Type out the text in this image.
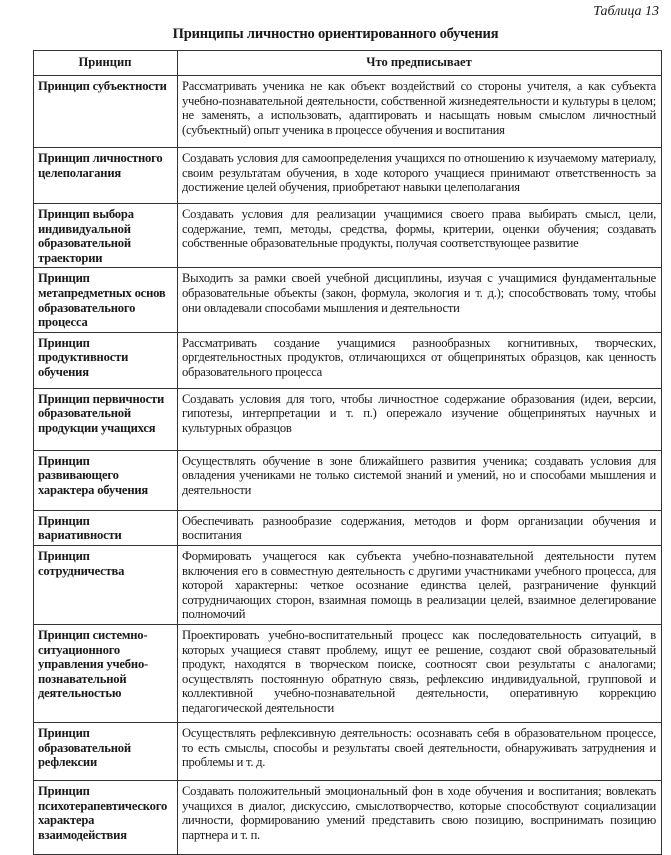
Таблица 13
Принципы личностно ориентированного обучения
Принцип	Что предписывает
Принцип субъектности	Рассматривать ученика не как объект воздействий со стороны учителя, а как субъекта учебно-познавательной деятельности, собственной жизнедеятельности и культуры в целом; не заменять, а использовать, адаптировать и насыщать новым смыслом личностный (субъектный) опыт ученика в процессе обучения и воспитания
Принцип личностного целеполагания	Создавать условия для самоопределения учащихся по отношению к изучаемому материалу, своим результатам обучения, в ходе которого учащиеся принимают ответственность за достижение целей обучения, приобретают навыки целеполагания
Принцип выбора индивидуальной образовательной траектории	Создавать условия для реализации учащимися своего права выбирать смысл, цели, содержание, темп, методы, средства, формы, критерии, оценки обучения; создавать собственные образовательные продукты, получая соответствующее развитие
Принцип метапредметных основ образовательного процесса	Выходить за рамки своей учебной дисциплины, изучая с учащимися фундаментальные образовательные объекты (закон, формула, экология и т. д.); способствовать тому, чтобы они овладевали способами мышления и деятельности
Принцип продуктивности обучения	Рассматривать создание учащимися разнообразных когнитивных, творческих, оргдеятельностных продуктов, отличающихся от общепринятых образцов, как ценность образовательного процесса
Принцип первичности образовательной продукции учащихся	Создавать условия для того, чтобы личностное содержание образования (идеи, версии, гипотезы, интерпретации и т. п.) опережало изучение общепринятых научных и культурных образцов
Принцип развивающего характера обучения	Осуществлять обучение в зоне ближайшего развития ученика; создавать условия для овладения учениками не только системой знаний и умений, но и способами мышления и деятельности
Принцип вариативности	Обеспечивать разнообразие содержания, методов и форм организации обучения и воспитания
Принцип сотрудничества	Формировать учащегося как субъекта учебно-познавательной деятельности путем включения его в совместную деятельность с другими участниками учебного процесса, для которой характерны: четкое осознание единства целей, разграничение функций сотрудничающих сторон, взаимная помощь в реализации целей, взаимное делегирование полномочий
Принцип системно-ситуационного управления учебно-познавательной деятельностью	Проектировать учебно-воспитательный процесс как последовательность ситуаций, в которых учащиеся ставят проблему, ищут ее решение, создают свой образовательный продукт, находятся в творческом поиске, соотносят свои результаты с аналогами; осуществлять постоянную обратную связь, рефлексию индивидуальной, групповой и коллективной учебно-познавательной деятельности, оперативную коррекцию педагогической деятельности
Принцип образовательной рефлексии	Осуществлять рефлексивную деятельность: осознавать себя в образовательном процессе, то есть смыслы, способы и результаты своей деятельности, обнаруживать затруднения и проблемы и т. д.
Принцип психотерапевтического характера взаимодействия	Создавать положительный эмоциональный фон в ходе обучения и воспитания; вовлекать учащихся в диалог, дискуссию, смыслотворчество, которые способствуют социализации личности, формированию умений представить свою позицию, воспринимать позицию партнера и т. п.
